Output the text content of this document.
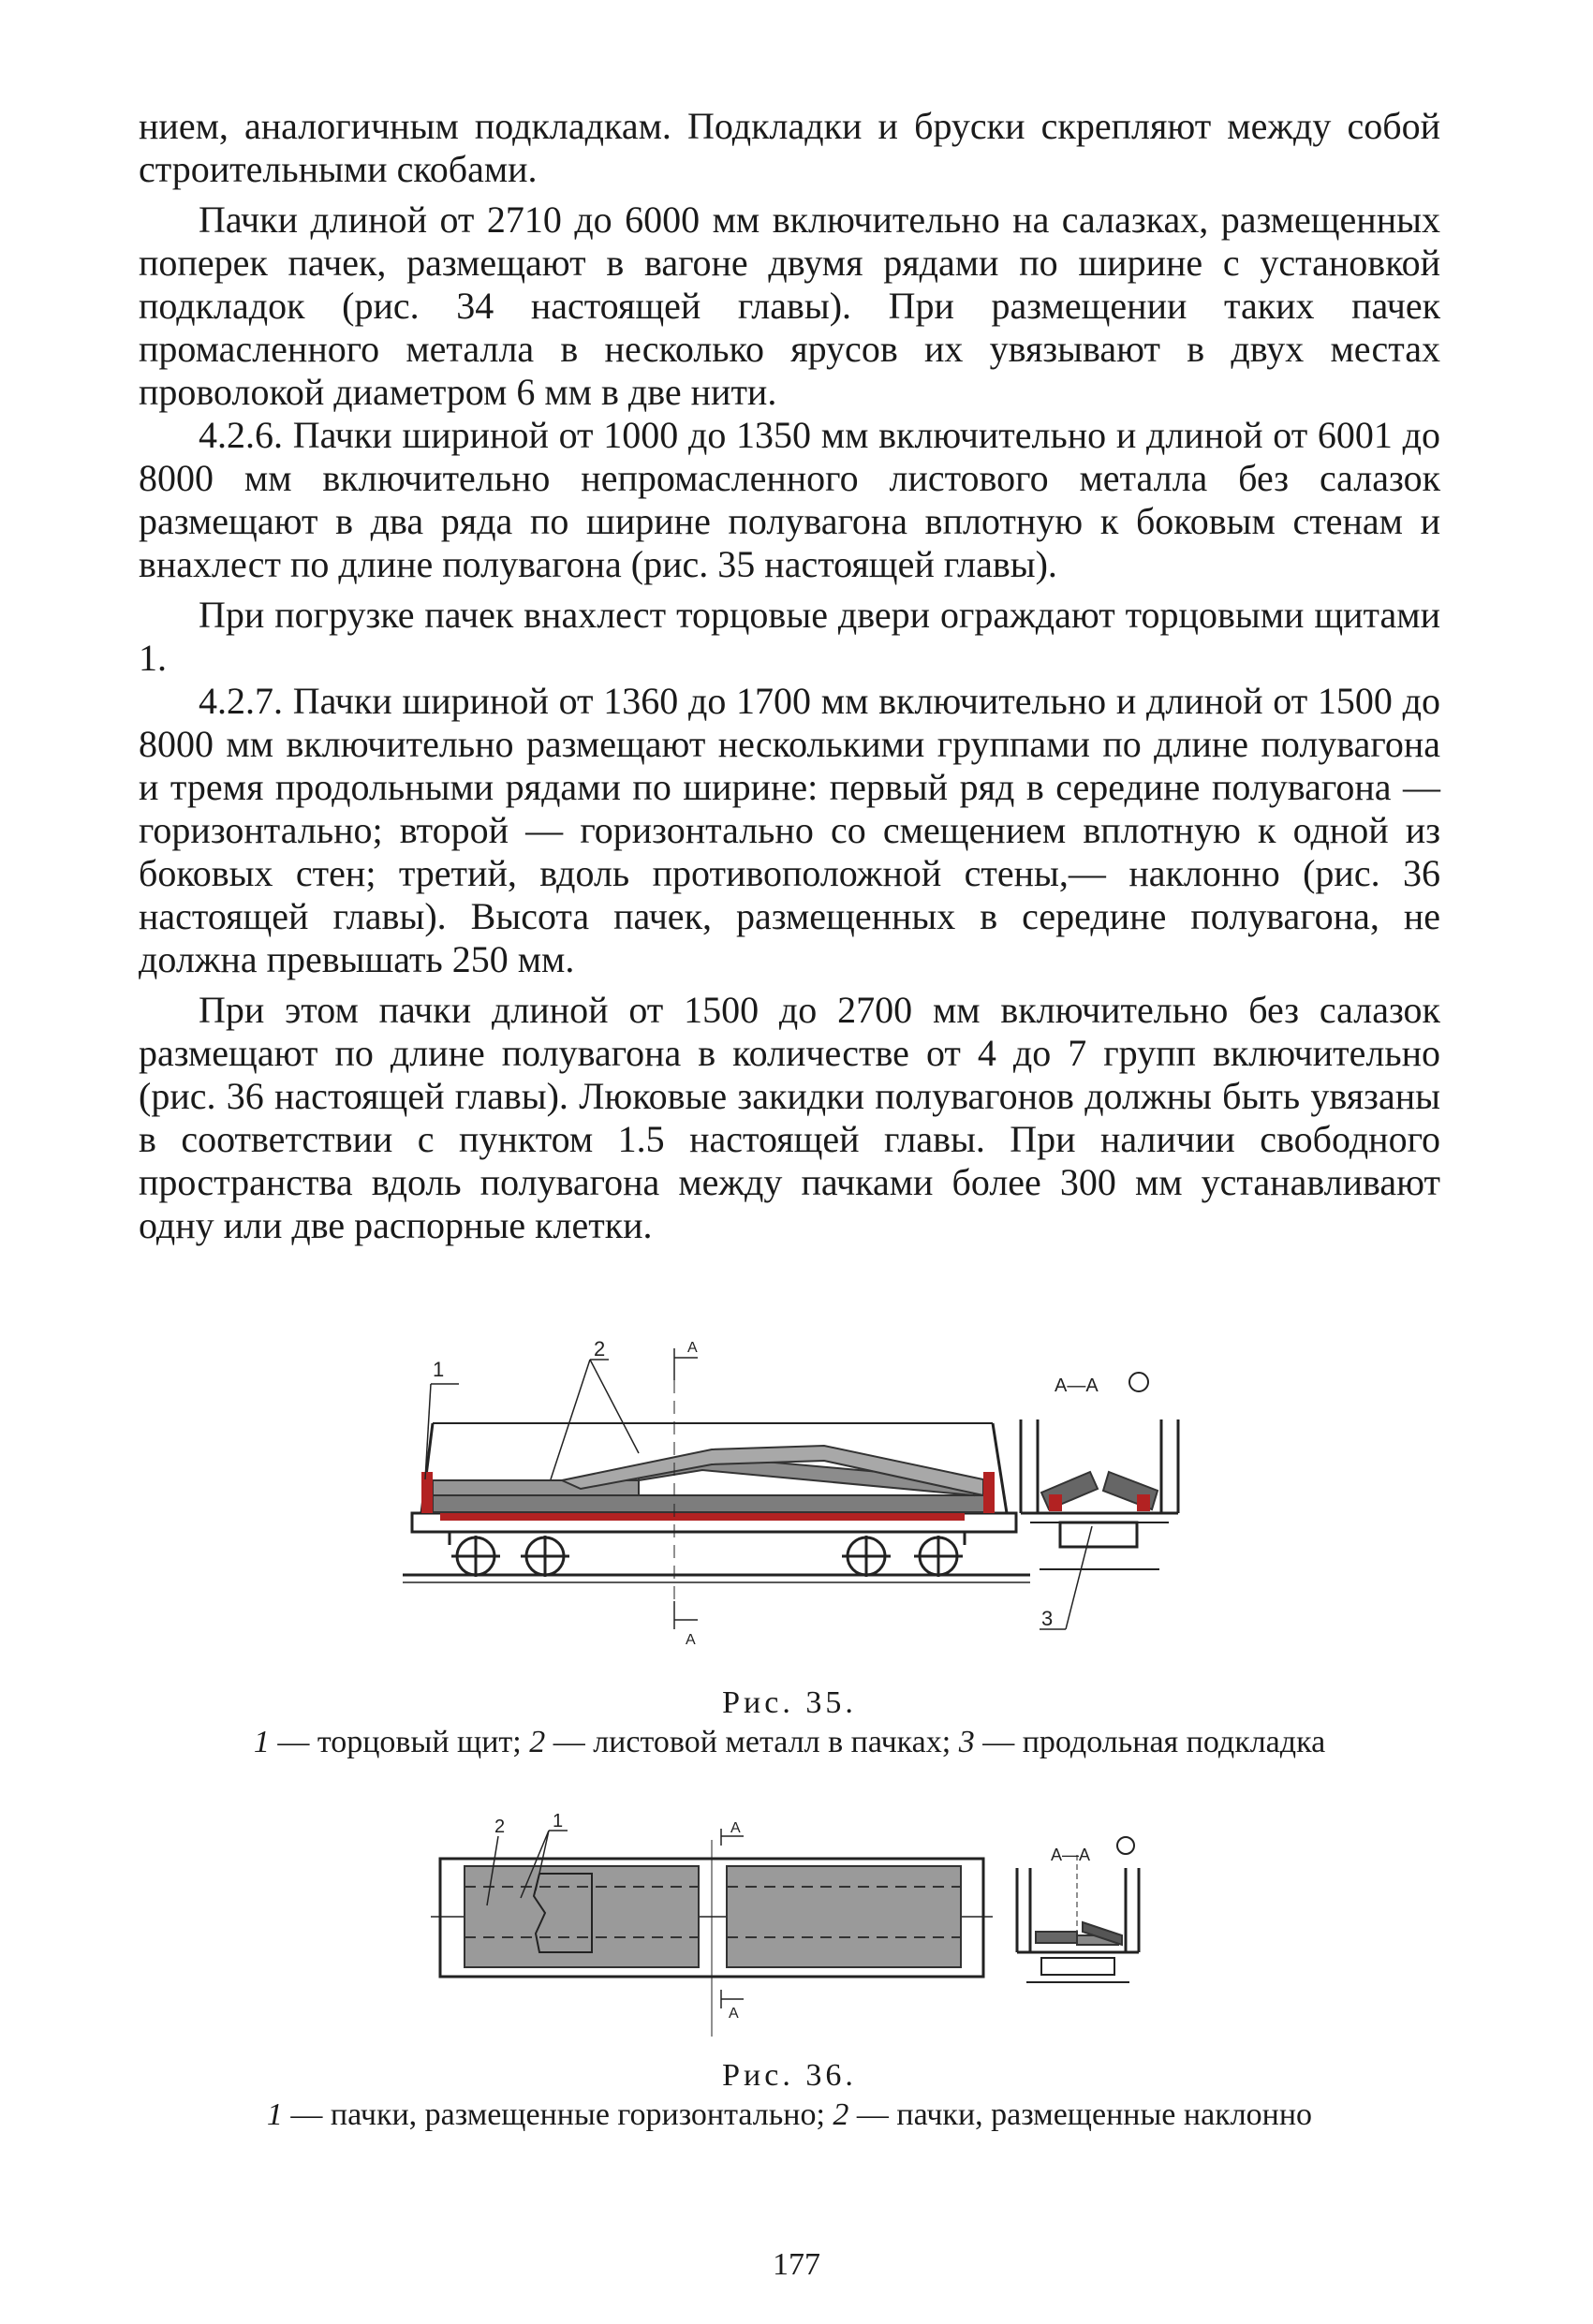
нием, аналогичным подкладкам. Подкладки и бруски скрепляют между собой строительными скобами.

Пачки длиной от 2710 до 6000 мм включительно на салазках, размещенных поперек пачек, размещают в вагоне двумя рядами по ширине с установкой подкладок (рис. 34 настоящей главы). При размещении таких пачек промасленного металла в несколько ярусов их увязывают в двух местах проволокой диаметром 6 мм в две нити.

4.2.6. Пачки шириной от 1000 до 1350 мм включительно и длиной от 6001 до 8000 мм включительно непромасленного листового металла без салазок размещают в два ряда по ширине полувагона вплотную к боковым стенам и внахлест по длине полувагона (рис. 35 настоящей главы).

При погрузке пачек внахлест торцовые двери ограждают торцовыми щитами 1.

4.2.7. Пачки шириной от 1360 до 1700 мм включительно и длиной от 1500 до 8000 мм включительно размещают несколькими группами по длине полувагона и тремя продольными рядами по ширине: первый ряд в середине полувагона — горизонтально; второй — горизонтально со смещением вплотную к одной из боковых стен; третий, вдоль противоположной стены,— наклонно (рис. 36 настоящей главы). Высота пачек, размещенных в середине полувагона, не должна превышать 250 мм.

При этом пачки длиной от 1500 до 2700 мм включительно без салазок размещают по длине полувагона в количестве от 4 до 7 групп включительно (рис. 36 настоящей главы). Люковые закидки полувагонов должны быть увязаны в соответствии с пунктом 1.5 настоящей главы. При наличии свободного пространства вдоль полувагона между пачками более 300 мм устанавливают одну или две распорные клетки.

1
2	A
A
А—А
3
Рис. 35.
1 — торцовый щит; 2 — листовой металл в пачках; 3 — продольная подкладка
2	1	A
A
А—А
Рис. 36.
1 — пачки, размещенные горизонтально; 2 — пачки, размещенные наклонно
177
